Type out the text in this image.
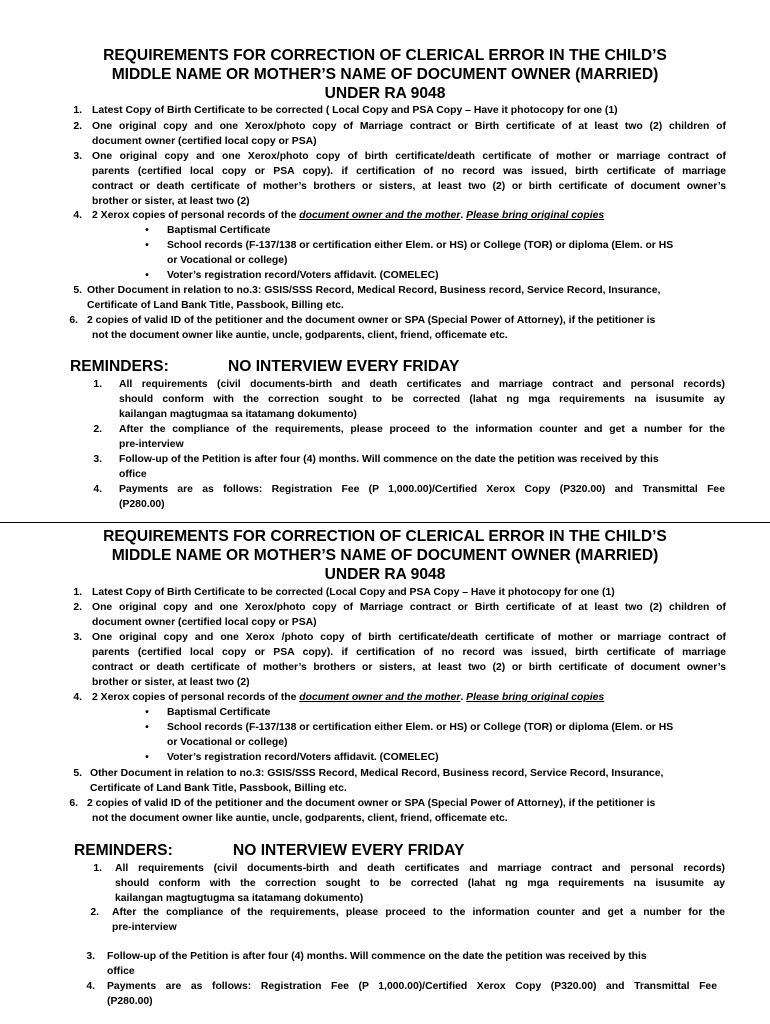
REQUIREMENTS FOR CORRECTION OF CLERICAL ERROR IN THE CHILD’S
MIDDLE NAME OR MOTHER’S NAME OF DOCUMENT OWNER (MARRIED)
UNDER RA 9048
1. Latest Copy of Birth Certificate to be corrected ( Local Copy and PSA Copy – Have it photocopy for one (1)
2. One original copy and one Xerox/photo copy of Marriage contract or Birth certificate of at least two (2) children of
document owner (certified local copy or PSA)
3. One original copy and one Xerox/photo copy of birth certificate/death certificate of mother or marriage contract of
parents (certified local copy or PSA copy). if certification of no record was issued, birth certificate of marriage
contract or death certificate of mother’s brothers or sisters, at least two (2) or birth certificate of document owner’s
brother or sister, at least two (2)
4. 2 Xerox copies of personal records of the document owner and the mother. Please bring original copies
• Baptismal Certificate
• School records (F-137/138 or certification either Elem. or HS) or College (TOR) or diploma (Elem. or HS
or Vocational or college)
• Voter’s registration record/Voters affidavit. (COMELEC)
5. Other Document in relation to no.3: GSIS/SSS Record, Medical Record, Business record, Service Record, Insurance,
Certificate of Land Bank Title, Passbook, Billing etc.
6. 2 copies of valid ID of the petitioner and the document owner or SPA (Special Power of Attorney), if the petitioner is
not the document owner like auntie, uncle, godparents, client, friend, officemate etc.
REMINDERS:	NO INTERVIEW EVERY FRIDAY
1. All requirements (civil documents-birth and death certificates and marriage contract and personal records)
should conform with the correction sought to be corrected (lahat ng mga requirements na isusumite ay
kailangan magtugmaa sa itatamang dokumento)
2. After the compliance of the requirements, please proceed to the information counter and get a number for the
pre-interview
3. Follow-up of the Petition is after four (4) months. Will commence on the date the petition was received by this
office
4. Payments are as follows: Registration Fee (P 1,000.00)/Certified Xerox Copy (P320.00) and Transmittal Fee
(P280.00)
REQUIREMENTS FOR CORRECTION OF CLERICAL ERROR IN THE CHILD’S
MIDDLE NAME OR MOTHER’S NAME OF DOCUMENT OWNER (MARRIED)
UNDER RA 9048
1. Latest Copy of Birth Certificate to be corrected (Local Copy and PSA Copy – Have it photocopy for one (1)
2. One original copy and one Xerox/photo copy of Marriage contract or Birth certificate of at least two (2) children of
document owner (certified local copy or PSA)
3. One original copy and one Xerox /photo copy of birth certificate/death certificate of mother or marriage contract of
parents (certified local copy or PSA copy). if certification of no record was issued, birth certificate of marriage
contract or death certificate of mother’s brothers or sisters, at least two (2) or birth certificate of document owner’s
brother or sister, at least two (2)
4. 2 Xerox copies of personal records of the document owner and the mother. Please bring original copies
• Baptismal Certificate
• School records (F-137/138 or certification either Elem. or HS) or College (TOR) or diploma (Elem. or HS
or Vocational or college)
• Voter’s registration record/Voters affidavit. (COMELEC)
5. Other Document in relation to no.3: GSIS/SSS Record, Medical Record, Business record, Service Record, Insurance,
Certificate of Land Bank Title, Passbook, Billing etc.
6. 2 copies of valid ID of the petitioner and the document owner or SPA (Special Power of Attorney), if the petitioner is
not the document owner like auntie, uncle, godparents, client, friend, officemate etc.
REMINDERS:	NO INTERVIEW EVERY FRIDAY
1. All requirements (civil documents-birth and death certificates and marriage contract and personal records)
should conform with the correction sought to be corrected (lahat ng mga requirements na isusumite ay
kailangan magtugtugma sa itatamang dokumento)
2. After the compliance of the requirements, please proceed to the information counter and get a number for the
pre-interview
3. Follow-up of the Petition is after four (4) months. Will commence on the date the petition was received by this
office
4. Payments are as follows: Registration Fee (P 1,000.00)/Certified Xerox Copy (P320.00) and Transmittal Fee
(P280.00)
